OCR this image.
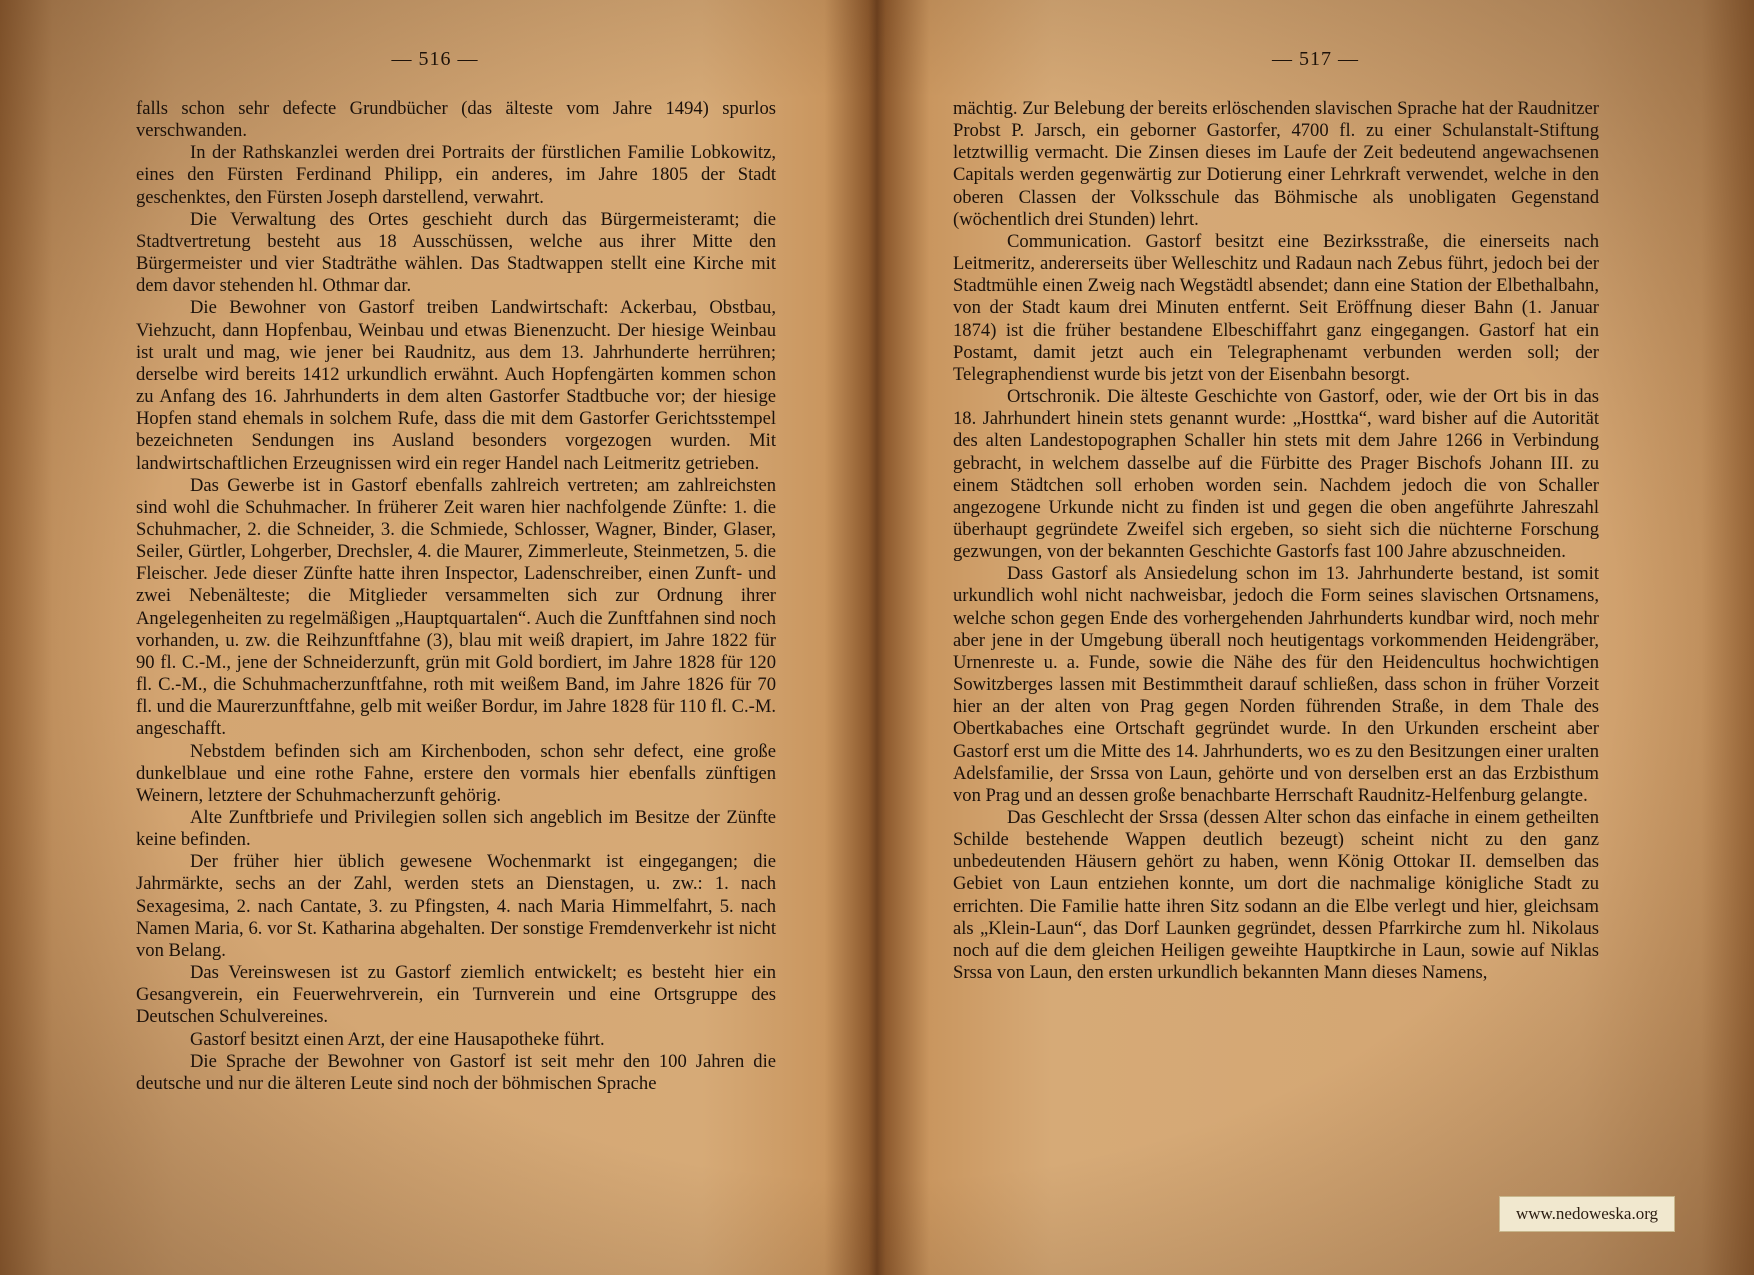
— 516 —

falls schon sehr defecte Grundbücher (das älteste vom Jahre 1494) spurlos verschwanden.

In der Rathskanzlei werden drei Portraits der fürstlichen Familie Lobkowitz, eines den Fürsten Ferdinand Philipp, ein anderes, im Jahre 1805 der Stadt geschenktes, den Fürsten Joseph darstellend, verwahrt.

Die Verwaltung des Ortes geschieht durch das Bürgermeisteramt; die Stadtvertretung besteht aus 18 Ausschüssen, welche aus ihrer Mitte den Bürgermeister und vier Stadträthe wählen. Das Stadtwappen stellt eine Kirche mit dem davor stehenden hl. Othmar dar.

Die Bewohner von Gastorf treiben Landwirtschaft: Ackerbau, Obstbau, Viehzucht, dann Hopfenbau, Weinbau und etwas Bienenzucht. Der hiesige Weinbau ist uralt und mag, wie jener bei Raudnitz, aus dem 13. Jahrhunderte herrühren; derselbe wird bereits 1412 urkundlich erwähnt. Auch Hopfengärten kommen schon zu Anfang des 16. Jahrhunderts in dem alten Gastorfer Stadtbuche vor; der hiesige Hopfen stand ehemals in solchem Rufe, dass die mit dem Gastorfer Gerichtsstempel bezeichneten Sendungen ins Ausland besonders vorgezogen wurden. Mit landwirtschaftlichen Erzeugnissen wird ein reger Handel nach Leitmeritz getrieben.

Das Gewerbe ist in Gastorf ebenfalls zahlreich vertreten; am zahlreichsten sind wohl die Schuhmacher. In früherer Zeit waren hier nachfolgende Zünfte: 1. die Schuhmacher, 2. die Schneider, 3. die Schmiede, Schlosser, Wagner, Binder, Glaser, Seiler, Gürtler, Lohgerber, Drechsler, 4. die Maurer, Zimmerleute, Steinmetzen, 5. die Fleischer. Jede dieser Zünfte hatte ihren Inspector, Ladenschreiber, einen Zunft- und zwei Nebenälteste; die Mitglieder versammelten sich zur Ordnung ihrer Angelegenheiten zu regelmäßigen „Hauptquartalen“. Auch die Zunftfahnen sind noch vorhanden, u. zw. die Reihzunftfahne (3), blau mit weiß drapiert, im Jahre 1822 für 90 fl. C.-M., jene der Schneiderzunft, grün mit Gold bordiert, im Jahre 1828 für 120 fl. C.-M., die Schuhmacherzunftfahne, roth mit weißem Band, im Jahre 1826 für 70 fl. und die Maurerzunftfahne, gelb mit weißer Bordur, im Jahre 1828 für 110 fl. C.-M. angeschafft.

Nebstdem befinden sich am Kirchenboden, schon sehr defect, eine große dunkelblaue und eine rothe Fahne, erstere den vormals hier ebenfalls zünftigen Weinern, letztere der Schuhmacherzunft gehörig.

Alte Zunftbriefe und Privilegien sollen sich angeblich im Besitze der Zünfte keine befinden.

Der früher hier üblich gewesene Wochenmarkt ist eingegangen; die Jahrmärkte, sechs an der Zahl, werden stets an Dienstagen, u. zw.: 1. nach Sexagesima, 2. nach Cantate, 3. zu Pfingsten, 4. nach Maria Himmelfahrt, 5. nach Namen Maria, 6. vor St. Katharina abgehalten. Der sonstige Fremdenverkehr ist nicht von Belang.

Das Vereinswesen ist zu Gastorf ziemlich entwickelt; es besteht hier ein Gesangverein, ein Feuerwehrverein, ein Turnverein und eine Ortsgruppe des Deutschen Schulvereines.

Gastorf besitzt einen Arzt, der eine Hausapotheke führt.

Die Sprache der Bewohner von Gastorf ist seit mehr den 100 Jahren die deutsche und nur die älteren Leute sind noch der böhmischen Sprache

— 517 —

mächtig. Zur Belebung der bereits erlöschenden slavischen Sprache hat der Raudnitzer Probst P. Jarsch, ein geborner Gastorfer, 4700 fl. zu einer Schulanstalt-Stiftung letztwillig vermacht. Die Zinsen dieses im Laufe der Zeit bedeutend angewachsenen Capitals werden gegenwärtig zur Dotierung einer Lehrkraft verwendet, welche in den oberen Classen der Volksschule das Böhmische als unobligaten Gegenstand (wöchentlich drei Stunden) lehrt.

Communication. Gastorf besitzt eine Bezirksstraße, die einerseits nach Leitmeritz, andererseits über Welleschitz und Radaun nach Zebus führt, jedoch bei der Stadtmühle einen Zweig nach Wegstädtl absendet; dann eine Station der Elbethalbahn, von der Stadt kaum drei Minuten entfernt. Seit Eröffnung dieser Bahn (1. Januar 1874) ist die früher bestandene Elbeschiffahrt ganz eingegangen. Gastorf hat ein Postamt, damit jetzt auch ein Telegraphenamt verbunden werden soll; der Telegraphendienst wurde bis jetzt von der Eisenbahn besorgt.

Ortschronik. Die älteste Geschichte von Gastorf, oder, wie der Ort bis in das 18. Jahrhundert hinein stets genannt wurde: „Hosttka“, ward bisher auf die Autorität des alten Landestopographen Schaller hin stets mit dem Jahre 1266 in Verbindung gebracht, in welchem dasselbe auf die Fürbitte des Prager Bischofs Johann III. zu einem Städtchen soll erhoben worden sein. Nachdem jedoch die von Schaller angezogene Urkunde nicht zu finden ist und gegen die oben angeführte Jahreszahl überhaupt gegründete Zweifel sich ergeben, so sieht sich die nüchterne Forschung gezwungen, von der bekannten Geschichte Gastorfs fast 100 Jahre abzuschneiden.

Dass Gastorf als Ansiedelung schon im 13. Jahrhunderte bestand, ist somit urkundlich wohl nicht nachweisbar, jedoch die Form seines slavischen Ortsnamens, welche schon gegen Ende des vorhergehenden Jahrhunderts kundbar wird, noch mehr aber jene in der Umgebung überall noch heutigentags vorkommenden Heidengräber, Urnenreste u. a. Funde, sowie die Nähe des für den Heidencultus hochwichtigen Sowitzberges lassen mit Bestimmtheit darauf schließen, dass schon in früher Vorzeit hier an der alten von Prag gegen Norden führenden Straße, in dem Thale des Obertkabaches eine Ortschaft gegründet wurde. In den Urkunden erscheint aber Gastorf erst um die Mitte des 14. Jahrhunderts, wo es zu den Besitzungen einer uralten Adelsfamilie, der Srssa von Laun, gehörte und von derselben erst an das Erzbisthum von Prag und an dessen große benachbarte Herrschaft Raudnitz-Helfenburg gelangte.

Das Geschlecht der Srssa (dessen Alter schon das einfache in einem getheilten Schilde bestehende Wappen deutlich bezeugt) scheint nicht zu den ganz unbedeutenden Häusern gehört zu haben, wenn König Ottokar II. demselben das Gebiet von Laun entziehen konnte, um dort die nachmalige königliche Stadt zu errichten. Die Familie hatte ihren Sitz sodann an die Elbe verlegt und hier, gleichsam als „Klein-Laun“, das Dorf Launken gegründet, dessen Pfarrkirche zum hl. Nikolaus noch auf die dem gleichen Heiligen geweihte Hauptkirche in Laun, sowie auf Niklas Srssa von Laun, den ersten urkundlich bekannten Mann dieses Namens,

www.nedoweska.org
